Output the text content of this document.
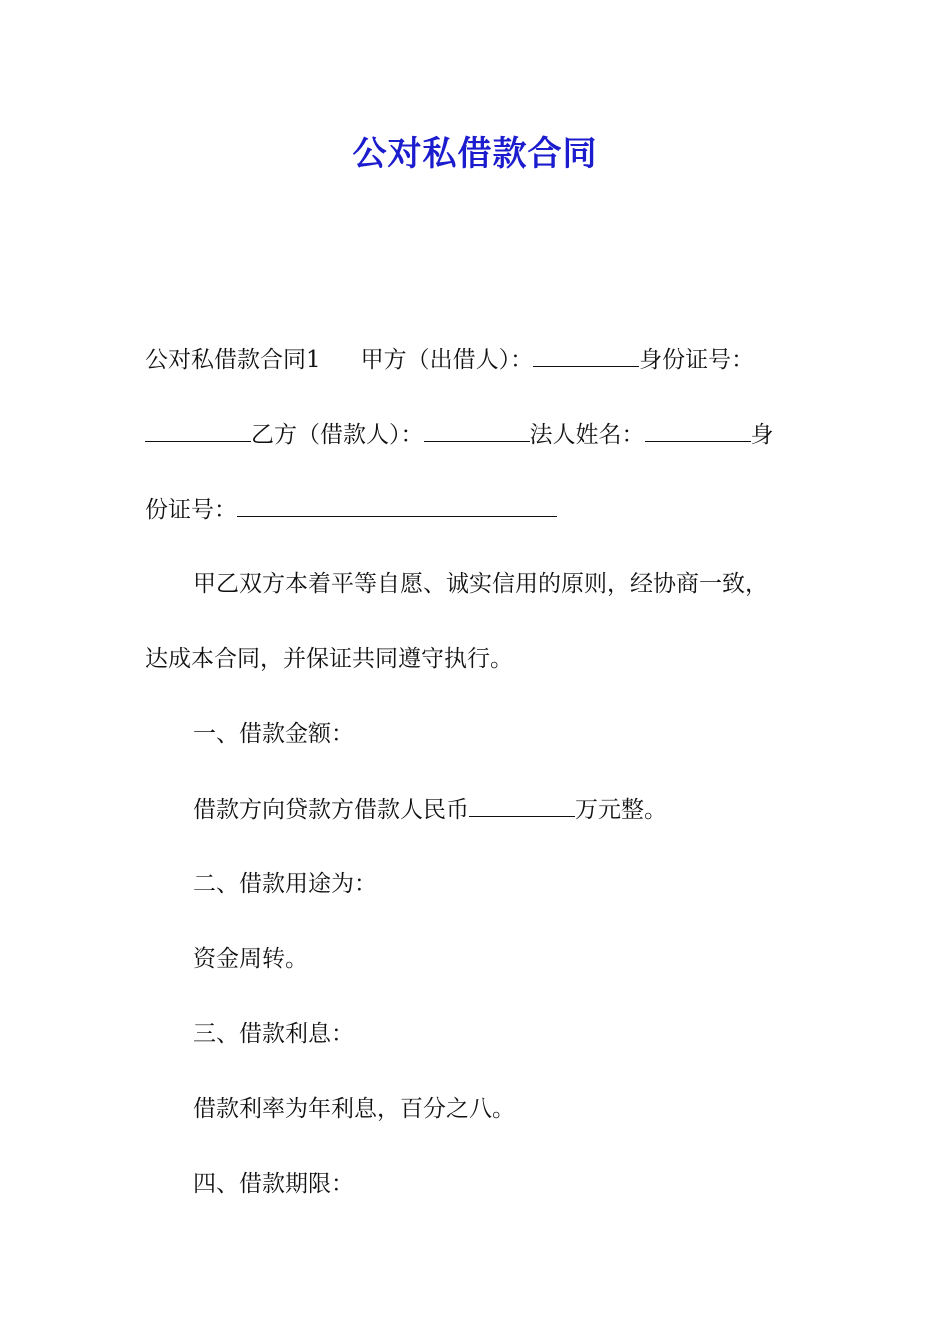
公对私借款合同
公对私借款合同1 甲方（出借人）：	身份证号：
乙方（借款人）：	法人姓名：	身
份证号：
甲乙双方本着平等自愿、诚实信用的原则，经协商一致，
达成本合同，并保证共同遵守执行。
一、借款金额：
借款方向贷款方借款人民币	万元整。
二、借款用途为：
资金周转。
三、借款利息：
借款利率为年利息，百分之八。
四、借款期限：
